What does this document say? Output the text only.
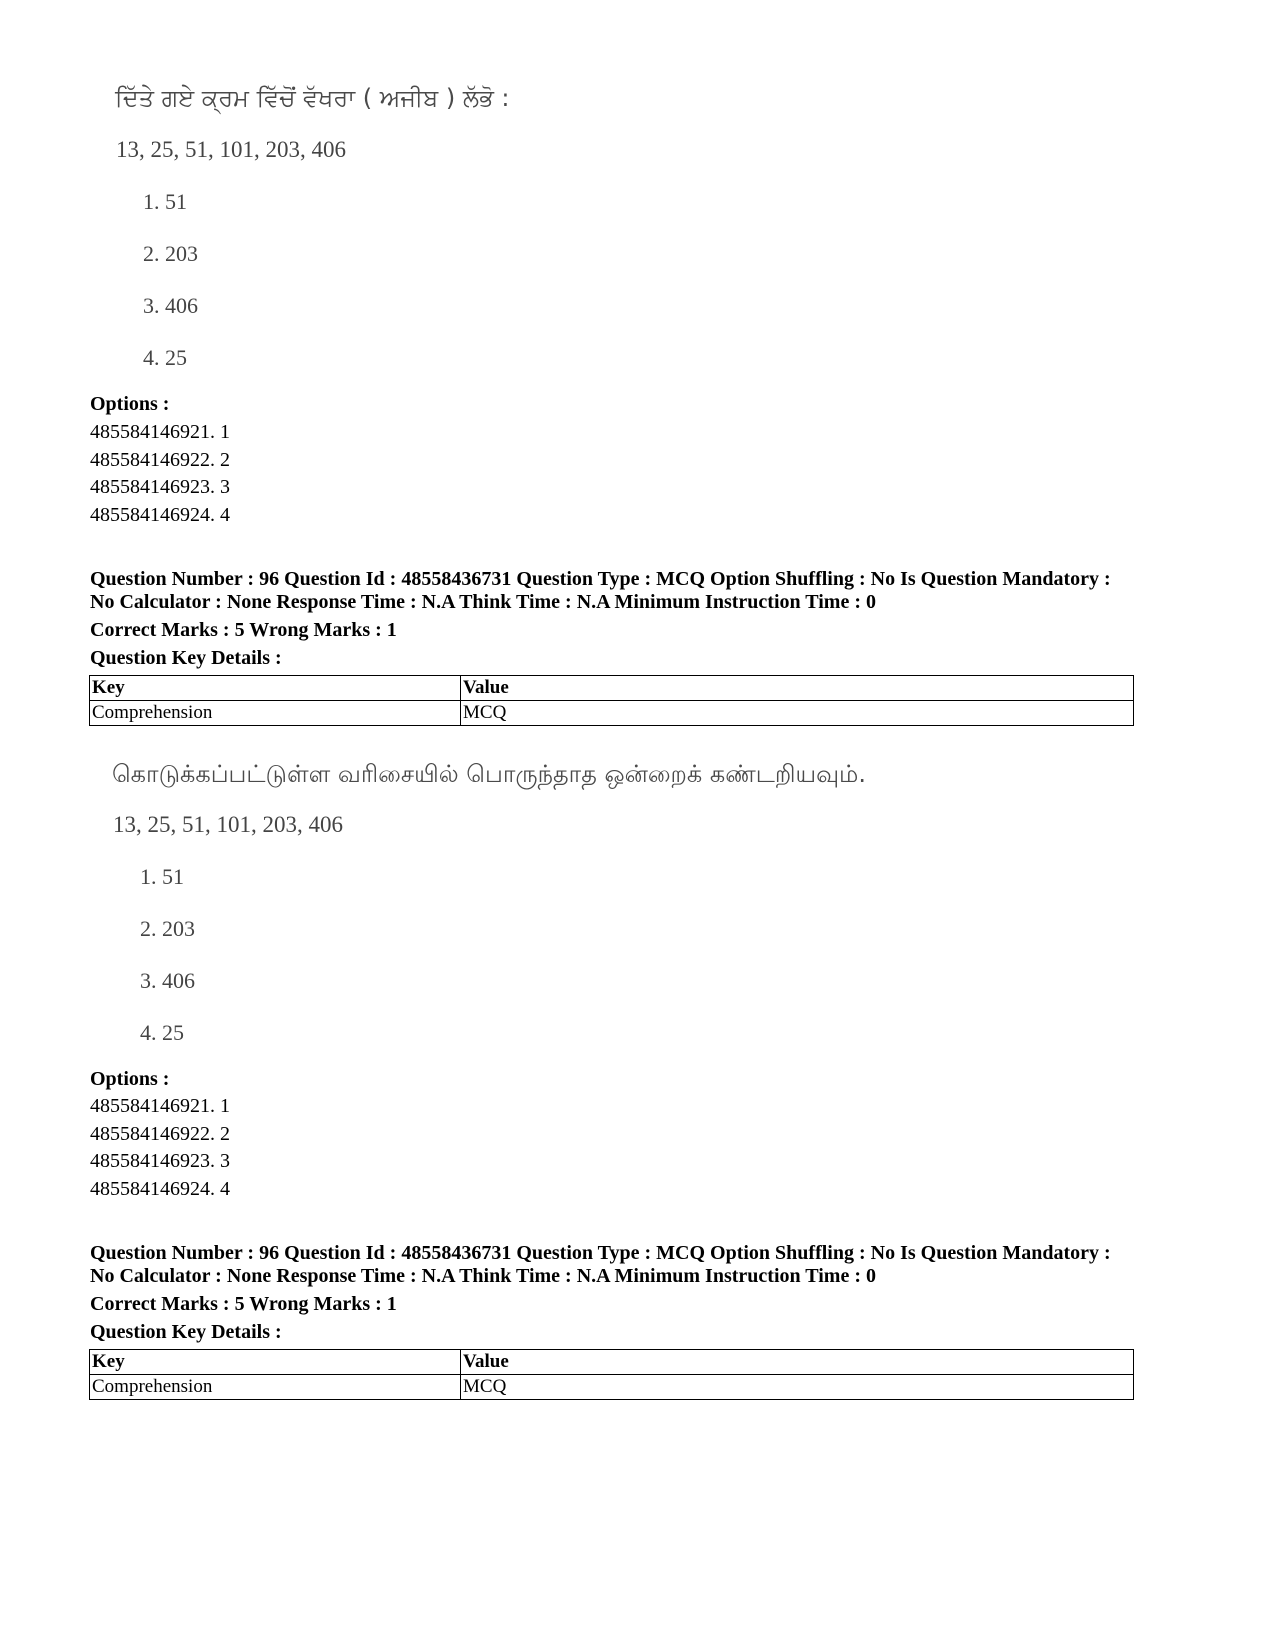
ਦਿੱਤੇ ਗਏ ਕ੍ਰਮ ਵਿੱਚੋਂ ਵੱਖਰਾ ( ਅਜੀਬ ) ਲੱਭੋ :
13, 25, 51, 101, 203, 406
1. 51
2. 203
3. 406
4. 25
Options :
485584146921. 1
485584146922. 2
485584146923. 3
485584146924. 4
Question Number : 96 Question Id : 48558436731 Question Type : MCQ Option Shuffling : No Is Question Mandatory :
No Calculator : None Response Time : N.A Think Time : N.A Minimum Instruction Time : 0
Correct Marks : 5 Wrong Marks : 1
Question Key Details :
Key	Value
Comprehension	MCQ
கொடுக்கப்பட்டுள்ள வரிசையில் பொருந்தாத ஒன்றைக் கண்டறியவும்.
13, 25, 51, 101, 203, 406
1. 51
2. 203
3. 406
4. 25
Options :
485584146921. 1
485584146922. 2
485584146923. 3
485584146924. 4
Question Number : 96 Question Id : 48558436731 Question Type : MCQ Option Shuffling : No Is Question Mandatory :
No Calculator : None Response Time : N.A Think Time : N.A Minimum Instruction Time : 0
Correct Marks : 5 Wrong Marks : 1
Question Key Details :
Key	Value
Comprehension	MCQ
